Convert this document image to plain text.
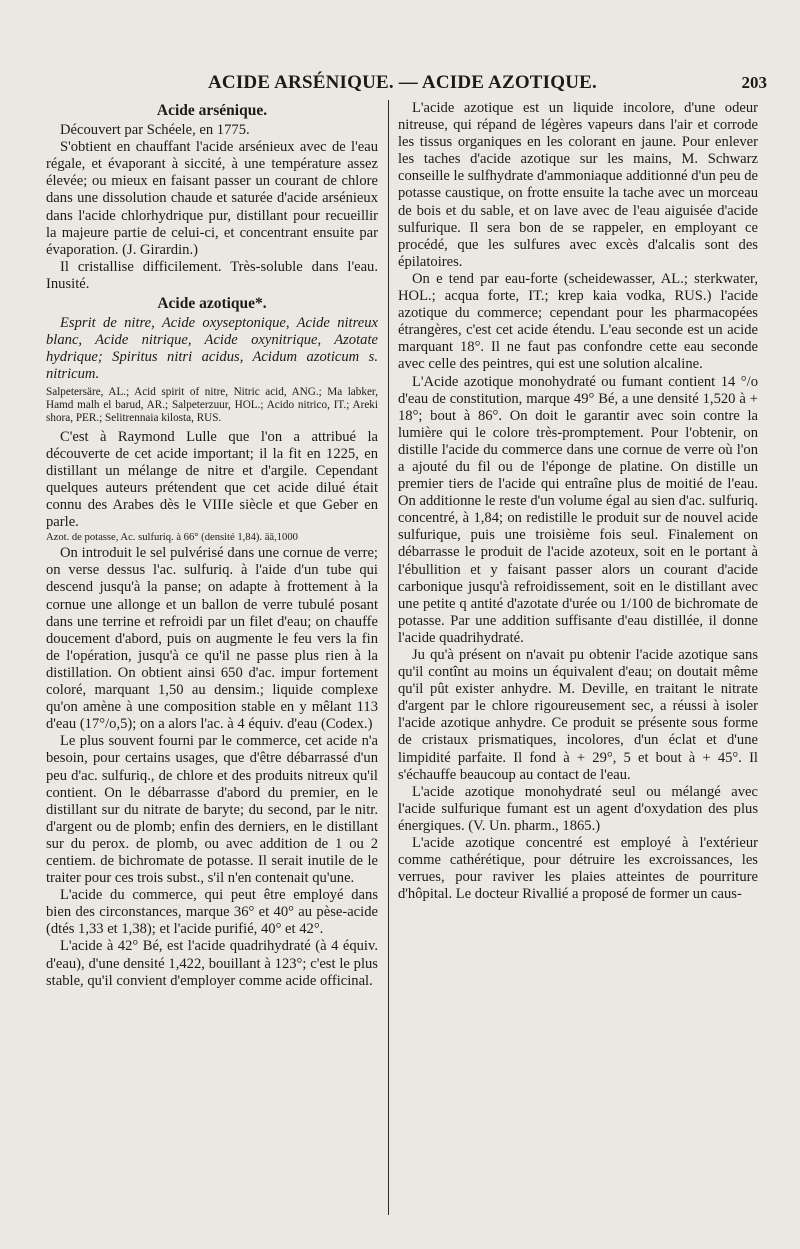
ACIDE ARSÉNIQUE. — ACIDE AZOTIQUE.	203
Acide arsénique.

Découvert par Schéele, en 1775.

S'obtient en chauffant l'acide arsénieux avec de l'eau régale, et évaporant à siccité, à une température assez élevée; ou mieux en faisant passer un courant de chlore dans une dissolution chaude et saturée d'acide arsénieux dans l'acide chlorhydrique pur, distillant pour recueillir la majeure partie de celui-ci, et concentrant ensuite par évaporation. (J. Girardin.)

Il cristallise difficilement. Très-soluble dans l'eau. Inusité.

Acide azotique*.

Esprit de nitre, Acide oxyseptonique, Acide nitreux blanc, Acide nitrique, Acide oxynitrique, Azotate hydrique; Spiritus nitri acidus, Acidum azoticum s. nitricum.

Salpetersäre, AL.; Acid spirit of nitre, Nitric acid, ANG.; Ma labker, Hamd malh el barud, AR.; Salpeterzuur, HOL.; Acido nitrico, IT.; Areki shora, PER.; Selitrennaia kilosta, RUS.

C'est à Raymond Lulle que l'on a attribué la découverte de cet acide important; il la fit en 1225, en distillant un mélange de nitre et d'argile. Cependant quelques auteurs prétendent que cet acide dilué était connu des Arabes dès le VIIIe siècle et que Geber en parle.

Azot. de potasse, Ac. sulfuriq. à 66° (densité 1,84). āā,1000

On introduit le sel pulvérisé dans une cornue de verre; on verse dessus l'ac. sulfuriq. à l'aide d'un tube qui descend jusqu'à la panse; on adapte à frottement à la cornue une allonge et un ballon de verre tubulé posant dans une terrine et refroidi par un filet d'eau; on chauffe doucement d'abord, puis on augmente le feu vers la fin de l'opération, jusqu'à ce qu'il ne passe plus rien à la distillation. On obtient ainsi 650 d'ac. impur fortement coloré, marquant 1,50 au densim.; liquide complexe qu'on amène à une composition stable en y mêlant 113 d'eau (17°/o,5); on a alors l'ac. à 4 équiv. d'eau (Codex.)

Le plus souvent fourni par le commerce, cet acide n'a besoin, pour certains usages, que d'être débarrassé d'un peu d'ac. sulfuriq., de chlore et des produits nitreux qu'il contient. On le débarrasse d'abord du premier, en le distillant sur du nitrate de baryte; du second, par le nitr. d'argent ou de plomb; enfin des derniers, en le distillant sur du perox. de plomb, ou avec addition de 1 ou 2 centiem. de bichromate de potasse. Il serait inutile de le traiter pour ces trois subst., s'il n'en contenait qu'une.

L'acide du commerce, qui peut être employé dans bien des circonstances, marque 36° et 40° au pèse-acide (dtés 1,33 et 1,38); et l'acide purifié, 40° et 42°.

L'acide à 42° Bé, est l'acide quadrihydraté (à 4 équiv. d'eau), d'une densité 1,422, bouillant à 123°; c'est le plus stable, qu'il convient d'employer comme acide officinal.

L'acide azotique est un liquide incolore, d'une odeur nitreuse, qui répand de légères vapeurs dans l'air et corrode les tissus organiques en les colorant en jaune. Pour enlever les taches d'acide azotique sur les mains, M. Schwarz conseille le sulfhydrate d'ammoniaque additionné d'un peu de potasse caustique, on frotte ensuite la tache avec un morceau de bois et du sable, et on lave avec de l'eau aiguisée d'acide sulfurique. Il sera bon de se rappeler, en employant ce procédé, que les sulfures avec excès d'alcalis sont des épilatoires.

On e tend par eau-forte (scheidewasser, AL.; sterkwater, HOL.; acqua forte, IT.; krep kaia vodka, RUS.) l'acide azotique du commerce; cependant pour les pharmacopées étrangères, c'est cet acide étendu. L'eau seconde est un acide marquant 18°. Il ne faut pas confondre cette eau seconde avec celle des peintres, qui est une solution alcaline.

L'Acide azotique monohydraté ou fumant contient 14 °/o d'eau de constitution, marque 49° Bé, a une densité 1,520 à + 18°; bout à 86°. On doit le garantir avec soin contre la lumière qui le colore très-promptement. Pour l'obtenir, on distille l'acide du commerce dans une cornue de verre où l'on a ajouté du fil ou de l'éponge de platine. On distille un premier tiers de l'acide qui entraîne plus de moitié de l'eau. On additionne le reste d'un volume égal au sien d'ac. sulfuriq. concentré, à 1,84; on redistille le produit sur de nouvel acide sulfurique, puis une troisième fois seul. Finalement on débarrasse le produit de l'acide azoteux, soit en le portant à l'ébullition et y faisant passer alors un courant d'acide carbonique jusqu'à refroidissement, soit en le distillant avec une petite q antité d'azotate d'urée ou 1/100 de bichromate de potasse. Par une addition suffisante d'eau distillée, il donne l'acide quadrihydraté.

Ju qu'à présent on n'avait pu obtenir l'acide azotique sans qu'il contînt au moins un équivalent d'eau; on doutait même qu'il pût exister anhydre. M. Deville, en traitant le nitrate d'argent par le chlore rigoureusement sec, a réussi à isoler l'acide azotique anhydre. Ce produit se présente sous forme de cristaux prismatiques, incolores, d'un éclat et d'une limpidité parfaite. Il fond à + 29°, 5 et bout à + 45°. Il s'échauffe beaucoup au contact de l'eau.

L'acide azotique monohydraté seul ou mélangé avec l'acide sulfurique fumant est un agent d'oxydation des plus énergiques. (V. Un. pharm., 1865.)

L'acide azotique concentré est employé à l'extérieur comme cathérétique, pour détruire les excroissances, les verrues, pour raviver les plaies atteintes de pourriture d'hôpital. Le docteur Rivallié a proposé de former un caus-
